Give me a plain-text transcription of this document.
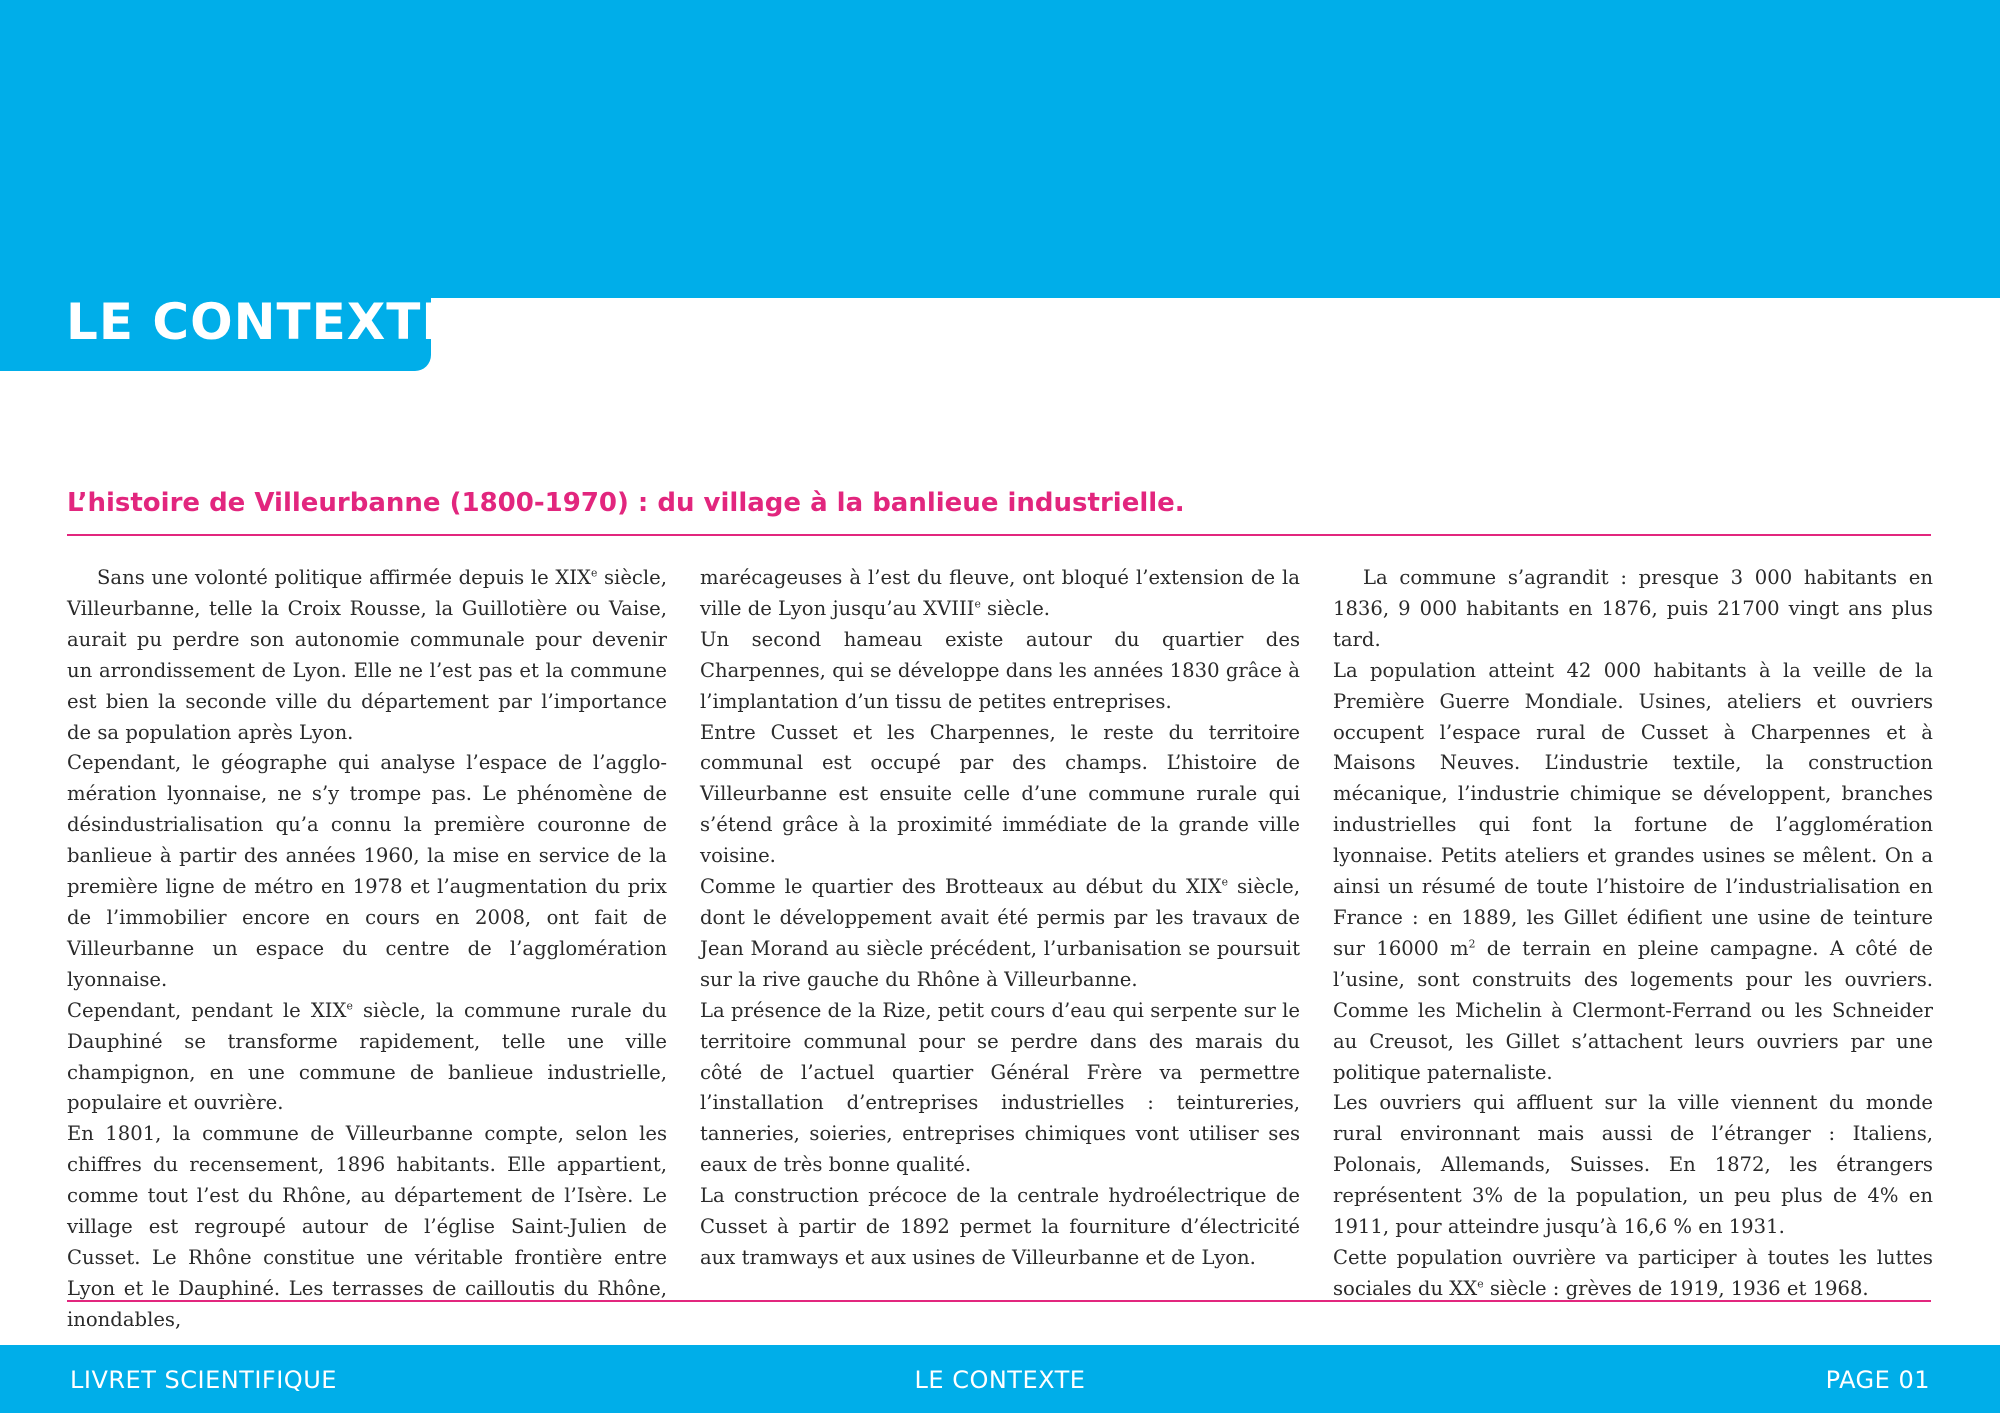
LE CONTEXTE
L’histoire de Villeurbanne (1800-1970) : du village à la banlieue industrielle.

Sans une volonté politique affirmée depuis le XIXe siècle, Villeurbanne, telle la Croix Rousse, la Guillotière ou Vaise, aurait pu perdre son autonomie communale pour devenir un arrondissement de Lyon. Elle ne l’est pas et la commune est bien la seconde ville du département par l’importance de sa population après Lyon.

Cependant, le géographe qui analyse l’espace de l’agglomération lyonnaise, ne s’y trompe pas. Le phénomène de désindustrialisation qu’a connu la première couronne de banlieue à partir des années 1960, la mise en service de la première ligne de métro en 1978 et l’augmentation du prix de l’immobilier encore en cours en 2008, ont fait de Villeurbanne un espace du centre de l’agglomération lyonnaise.

Cependant, pendant le XIXe siècle, la commune rurale du Dauphiné se transforme rapidement, telle une ville champignon, en une commune de banlieue industrielle, populaire et ouvrière.

En 1801, la commune de Villeurbanne compte, selon les chiffres du recensement, 1896 habitants. Elle appartient, comme tout l’est du Rhône, au département de l’Isère. Le village est regroupé autour de l’église Saint-Julien de Cusset. Le Rhône constitue une véritable frontière entre Lyon et le Dauphiné. Les terrasses de cailloutis du Rhône, inondables,

marécageuses à l’est du fleuve, ont bloqué l’extension de la ville de Lyon jusqu’au XVIIIe siècle.

Un second hameau existe autour du quartier des Charpennes, qui se développe dans les années 1830 grâce à l’implantation d’un tissu de petites entreprises.

Entre Cusset et les Charpennes, le reste du territoire communal est occupé par des champs. L’histoire de Villeurbanne est ensuite celle d’une commune rurale qui s’étend grâce à la proximité immédiate de la grande ville voisine.

Comme le quartier des Brotteaux au début du XIXe siècle, dont le développement avait été permis par les travaux de Jean Morand au siècle précédent, l’urbanisation se poursuit sur la rive gauche du Rhône à Villeurbanne.

La présence de la Rize, petit cours d’eau qui serpente sur le territoire communal pour se perdre dans des marais du côté de l’actuel quartier Général Frère va permettre l’installation d’entreprises industrielles : teintureries, tanneries, soieries, entreprises chimiques vont utiliser ses eaux de très bonne qualité.

La construction précoce de la centrale hydroélectrique de Cusset à partir de 1892 permet la fourniture d’électricité aux tramways et aux usines de Villeurbanne et de Lyon.

La commune s’agrandit : presque 3 000 habitants en 1836, 9 000 habitants en 1876, puis 21700 vingt ans plus tard.

La population atteint 42 000 habitants à la veille de la Première Guerre Mondiale. Usines, ateliers et ouvriers occupent l’espace rural de Cusset à Charpennes et à Maisons Neuves. L’industrie textile, la construction mécanique, l’industrie chimique se développent, branches industrielles qui font la fortune de l’agglomération lyonnaise. Petits ateliers et grandes usines se mêlent. On a ainsi un résumé de toute l’histoire de l’industrialisation en France : en 1889, les Gillet édifient une usine de teinture sur 16000 $m^2$ de terrain en pleine campagne. A côté de l’usine, sont construits des logements pour les ouvriers. Comme les Michelin à Clermont-Ferrand ou les Schneider au Creusot, les Gillet s’attachent leurs ouvriers par une politique paternaliste.

Les ouvriers qui affluent sur la ville viennent du monde rural environnant mais aussi de l’étranger : Italiens, Polonais, Allemands, Suisses. En 1872, les étrangers représentent 3% de la population, un peu plus de 4% en 1911, pour atteindre jusqu’à 16,6 % en 1931.

Cette population ouvrière va participer à toutes les luttes sociales du XXe siècle : grèves de 1919, 1936 et 1968.

LIVRET SCIENTIFIQUE	LE CONTEXTE	PAGE 01
